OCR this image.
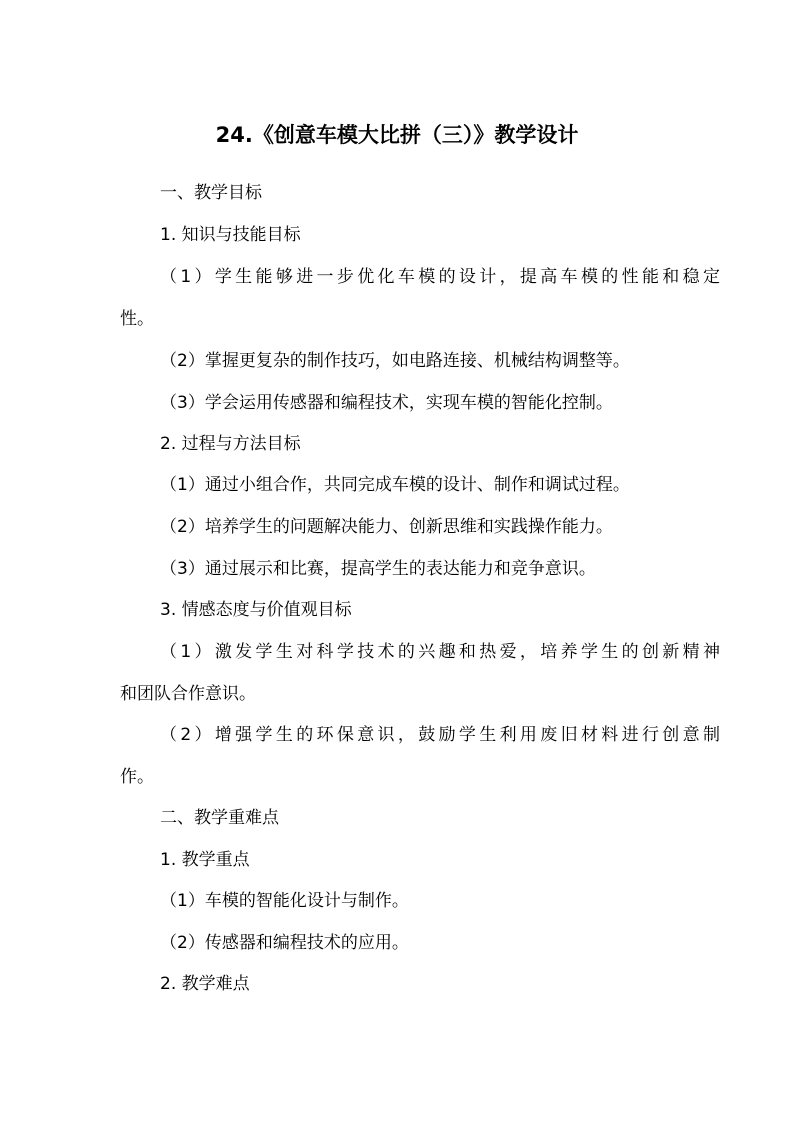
24.《创意车模大比拼（三）》教学设计
一、教学目标
1. 知识与技能目标
（1）学生能够进一步优化车模的设计，提高车模的性能和稳定
性。
（2）掌握更复杂的制作技巧，如电路连接、机械结构调整等。
（3）学会运用传感器和编程技术，实现车模的智能化控制。
2. 过程与方法目标
（1）通过小组合作，共同完成车模的设计、制作和调试过程。
（2）培养学生的问题解决能力、创新思维和实践操作能力。
（3）通过展示和比赛，提高学生的表达能力和竞争意识。
3. 情感态度与价值观目标
（1）激发学生对科学技术的兴趣和热爱，培养学生的创新精神
和团队合作意识。
（2）增强学生的环保意识，鼓励学生利用废旧材料进行创意制
作。
二、教学重难点
1. 教学重点
（1）车模的智能化设计与制作。
（2）传感器和编程技术的应用。
2. 教学难点
